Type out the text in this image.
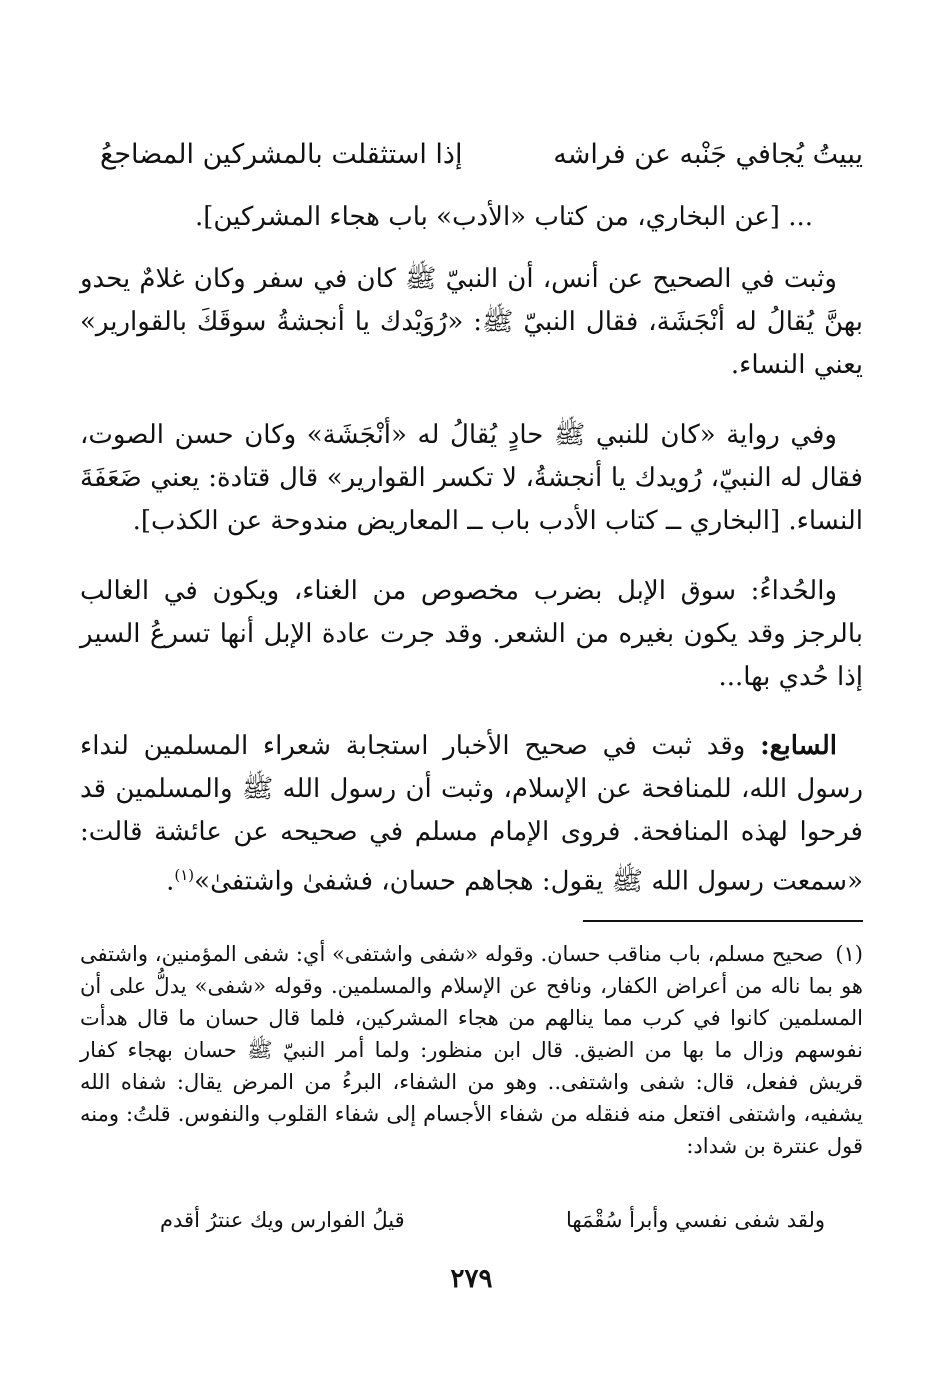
يبيتُ يُجافي جَنْبه عن فراشه
إذا استثقلت بالمشركين المضاجعُ
... [عن البخاري، من كتاب «الأدب» باب هجاء المشركين].

وثبت في الصحيح عن أنس، أن النبيّ ﷺ كان في سفر وكان غلامٌ يحدو بهنَّ يُقالُ له أنْجَشَة، فقال النبيّ ﷺ: «رُوَيْدك يا أنجشةُ سوقَكَ بالقوارير» يعني النساء.

وفي رواية «كان للنبي ﷺ حادٍ يُقالُ له «أنْجَشَة» وكان حسن الصوت، فقال له النبيّ، رُويدك يا أنجشةُ، لا تكسر القوارير» قال قتادة: يعني ضَعَفَةَ النساء. [البخاري ــ كتاب الأدب باب ــ المعاريض مندوحة عن الكذب].

والحُداءُ: سوق الإبل بضرب مخصوص من الغناء، ويكون في الغالب بالرجز وقد يكون بغيره من الشعر. وقد جرت عادة الإبل أنها تسرعُ السير إذا حُدي بها...

السابع: وقد ثبت في صحيح الأخبار استجابة شعراء المسلمين لنداء رسول الله، للمنافحة عن الإسلام، وثبت أن رسول الله ﷺ والمسلمين قد فرحوا لهذه المنافحة. فروى الإمام مسلم في صحيحه عن عائشة قالت: «سمعت رسول الله ﷺ يقول: هجاهم حسان، فشفىٰ واشتفىٰ»$^{(١)}$.

(١)صحيح مسلم، باب مناقب حسان. وقوله «شفى واشتفى» أي: شفى المؤمنين، واشتفى هو بما ناله من أعراض الكفار، ونافح عن الإسلام والمسلمين. وقوله «شفى» يدلُّ على أن المسلمين كانوا في كرب مما ينالهم من هجاء المشركين، فلما قال حسان ما قال هدأت نفوسهم وزال ما بها من الضيق. قال ابن منظور: ولما أمر النبيّ ﷺ حسان بهجاء كفار قريش ففعل، قال: شفى واشتفى.. وهو من الشفاء، البرءُ من المرض يقال: شفاه الله يشفيه، واشتفى افتعل منه فنقله من شفاء الأجسام إلى شفاء القلوب والنفوس. قلتُ: ومنه قول عنترة بن شداد:

ولقد شفى نفسي وأبرأ سُقْمَها
قيلُ الفوارس ويك عنترُ أقدم
٢٧٩
